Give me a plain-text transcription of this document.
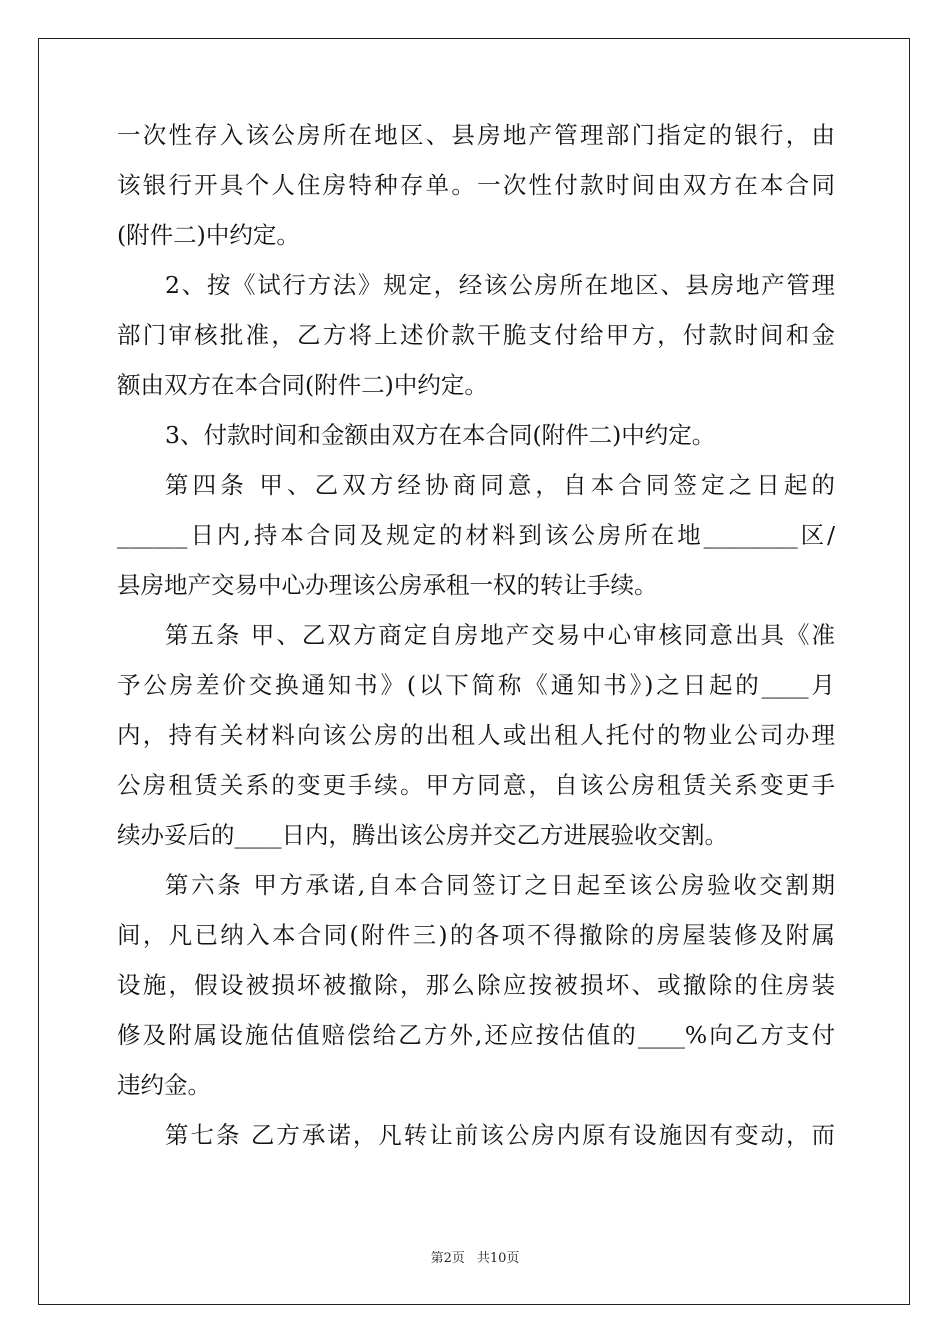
一次性存入该公房所在地区、县房地产管理部门指定的银行，由
该银行开具个人住房特种存单。一次性付款时间由双方在本合同
(附件二)中约定。
2、按《试行方法》规定，经该公房所在地区、县房地产管理
部门审核批准，乙方将上述价款干脆支付给甲方，付款时间和金
额由双方在本合同(附件二)中约定。
3、付款时间和金额由双方在本合同(附件二)中约定。
第四条 甲、乙双方经协商同意，自本合同签定之日起的
______日内,持本合同及规定的材料到该公房所在地________区/
县房地产交易中心办理该公房承租一权的转让手续。
第五条 甲、乙双方商定自房地产交易中心审核同意出具《准
予公房差价交换通知书》(以下简称《通知书》)之日起的____月
内，持有关材料向该公房的出租人或出租人托付的物业公司办理
公房租赁关系的变更手续。甲方同意，自该公房租赁关系变更手
续办妥后的____日内，腾出该公房并交乙方进展验收交割。
第六条 甲方承诺,自本合同签订之日起至该公房验收交割期
间，凡已纳入本合同(附件三)的各项不得撤除的房屋装修及附属
设施，假设被损坏被撤除，那么除应按被损坏、或撤除的住房装
修及附属设施估值赔偿给乙方外,还应按估值的____%向乙方支付
违约金。
第七条 乙方承诺，凡转让前该公房内原有设施因有变动，而
第2页 共10页
